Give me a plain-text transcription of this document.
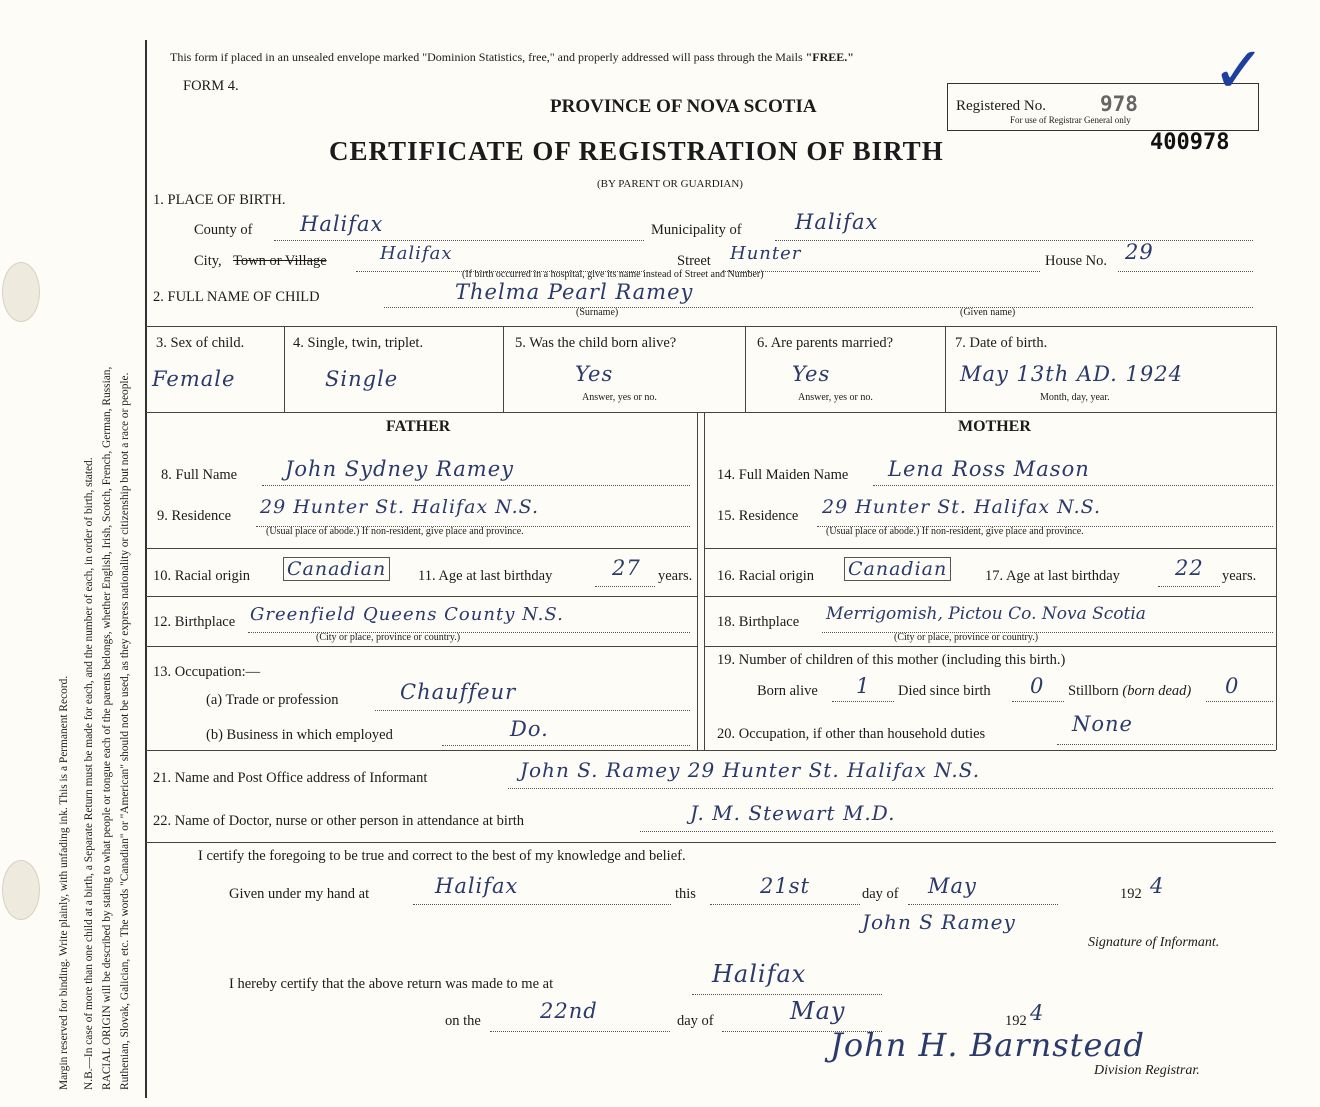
Margin reserved for binding. Write plainly, with unfading ink. This is a Permanent Record. N.B.—In case of more than one child at a birth, a Separate Return must be made for each, and the number of each, in order of birth, stated. RACIAL ORIGIN will be described by stating to what people or tongue each of the parents belongs, whether English, Irish, Scotch, French, German, Russian, Ruthenian, Slovak, Galician, etc. The words "Canadian" or "American" should not be used, as they express nationality or citizenship but not a race or people.
This form if placed in an unsealed envelope marked "Dominion Statistics, free," and properly addressed will pass through the Mails "FREE."
FORM 4.
PROVINCE OF NOVA SCOTIA
CERTIFICATE OF REGISTRATION OF BIRTH
(BY PARENT OR GUARDIAN)
Registered No.	978
For use of Registrar General only
400978
✓
1. PLACE OF BIRTH.
County of Halifax	Municipality of	Halifax
City, Town or Village	Halifax	Street Hunter	House No. 29
(If birth occurred in a hospital, give its name instead of Street and Number)
2. FULL NAME OF CHILD	Thelma Pearl Ramey
(Surname)	(Given name)
3. Sex of child.
Female
4. Single, twin, triplet.
Single
5. Was the child born alive?
Yes
Answer, yes or no.
6. Are parents married?
Yes
Answer, yes or no.
7. Date of birth.
May 13th AD. 1924
Month, day, year.
FATHER	MOTHER
8. Full Name John Sydney Ramey	14. Full Maiden Name Lena Ross Mason
9. Residence 29 Hunter St. Halifax N.S.
(Usual place of abode.) If non-resident, give place and province.
15. Residence 29 Hunter St. Halifax N.S.
(Usual place of abode.) If non-resident, give place and province.
10. Racial origin Canadian 11. Age at last birthday	27 years. 16. Racial origin Canadian	17. Age at last birthday	22 years.
12. Birthplace Greenfield Queens County N.S.
(City or place, province or country.)
18. Birthplace Merrigomish, Pictou Co. Nova Scotia
(City or place, province or country.)
13. Occupation:—
(a) Trade or profession	Chauffeur
(b) Business in which employed	Do.
19. Number of children of this mother (including this birth.)
Born alive 1 Died since birth 0 Stillborn (born dead) 0
20. Occupation, if other than household duties	None
21. Name and Post Office address of Informant	John S. Ramey 29 Hunter St. Halifax N.S.
22. Name of Doctor, nurse or other person in attendance at birth	J. M. Stewart M.D.
I certify the foregoing to be true and correct to the best of my knowledge and belief.
Given under my hand at	Halifax	this	21st	day of May	192 4
John S Ramey
Signature of Informant.
I hereby certify that the above return was made to me at	Halifax
on the	22nd	day of	May	192 4
John H. Barnstead
Division Registrar.
